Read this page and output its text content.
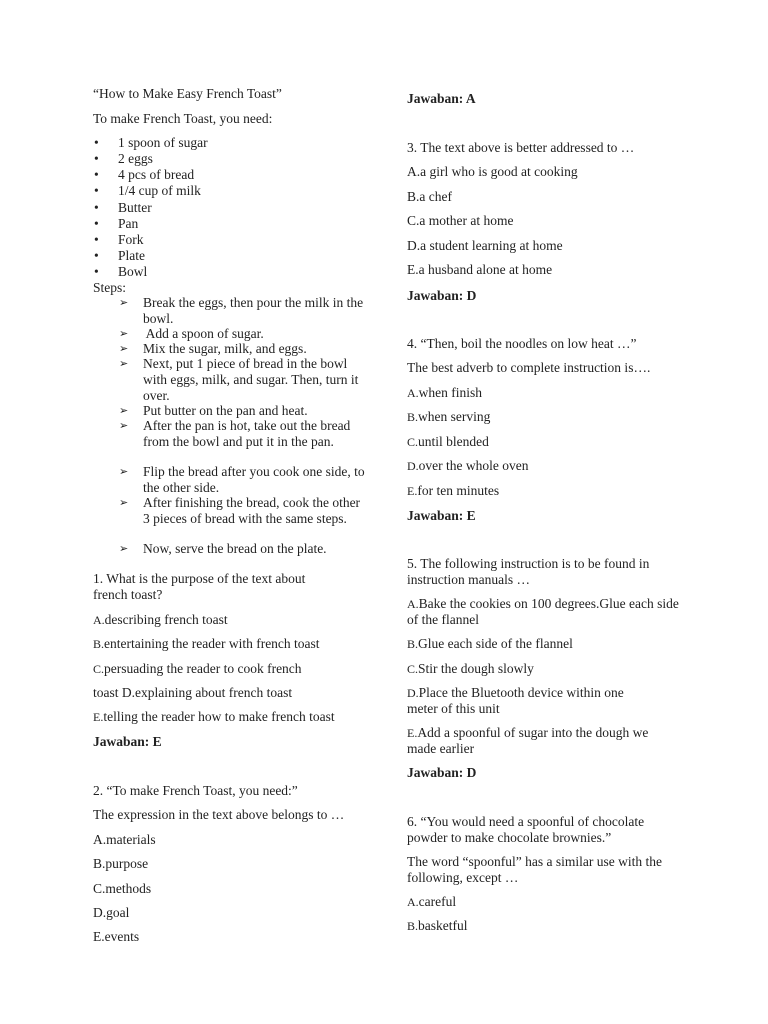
“How to Make Easy French Toast”
To make French Toast, you need:
• 1 spoon of sugar
• 2 eggs
• 4 pcs of bread
• 1/4 cup of milk
• Butter
• Pan
• Fork
• Plate
• Bowl
Steps:
➢ Break the eggs, then pour the milk in the bowl.
➢  Add a spoon of sugar.
➢ Mix the sugar, milk, and eggs.
➢ Next, put 1 piece of bread in the bowl with eggs, milk, and sugar. Then, turn it over.
➢ Put butter on the pan and heat.
➢ After the pan is hot, take out the bread from the bowl and put it in the pan.
➢ Flip the bread after you cook one side, to the other side.
➢ After finishing the bread, cook the other 3 pieces of bread with the same steps.
➢ Now, serve the bread on the plate.
1. What is the purpose of the text about french toast?
A.describing french toast
B.entertaining the reader with french toast
C.persuading the reader to cook french
toast D.explaining about french toast
E.telling the reader how to make french toast
Jawaban: E
2. “To make French Toast, you need:”
The expression in the text above belongs to …
A.materials
B.purpose
C.methods
D.goal
E.events
Jawaban: A
3. The text above is better addressed to …
A.a girl who is good at cooking
B.a chef
C.a mother at home
D.a student learning at home
E.a husband alone at home
Jawaban: D
4. “Then, boil the noodles on low heat …”
The best adverb to complete instruction is….
A.when finish
B.when serving
C.until blended
D.over the whole oven
E.for ten minutes
Jawaban: E
5. The following instruction is to be found in instruction manuals …
A.Bake the cookies on 100 degrees.Glue each side of the flannel
B.Glue each side of the flannel
C.Stir the dough slowly
D.Place the Bluetooth device within one meter of this unit
E.Add a spoonful of sugar into the dough we made earlier
Jawaban: D
6. “You would need a spoonful of chocolate powder to make chocolate brownies.”
The word “spoonful” has a similar use with the following, except …
A.careful
B.basketful
